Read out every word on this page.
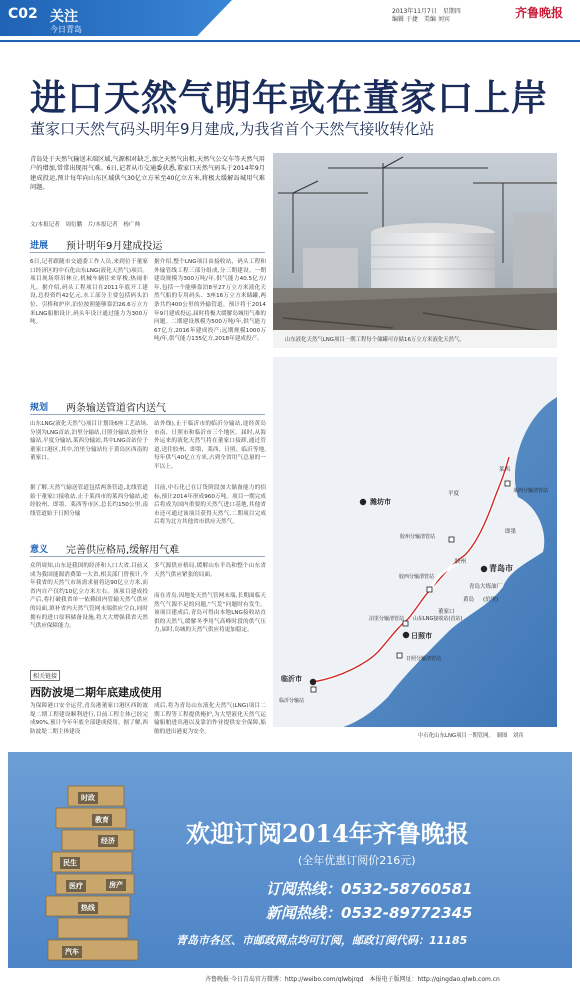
C02 关注
今日青岛
2013年11月7日　星期四
编辑 于捷　美编 刘宾	齐鲁晚报
进口天然气明年或在董家口上岸
董家口天然气码头明年9月建成,为我省首个天然气接收转化站
青岛处于天然气输送末端区域,气源相对缺乏,加之天然气出租,天然气公交车等天然气用户的增加,常常出现用气难。6日,记者从市交通委获悉,董家口天然气码头于2014年9月建成投运,预计每年向山东区域供气30亿立方米至40亿立方米,将极大缓解岛城用气难问题。
文/本报记者　周衍鹏　片/本报记者　杨广帅
进展 预计明年9月建成投运
6日,记者跟随市交通委工作人员,来到位于董家口经济区的中石化山东LNG(液化天然气)项目。项目现场塔吊林立,机械车辆往来穿梭,热闹非凡。据介绍,码头工程项目在2011年底开工建设,总投资约42亿元,水工部分主要包括码头泊位、引桥和护岸,泊位按照能够靠泊26.6万立方米LNG船舶设计,码头年设计通过能力为300万吨。
据介绍,整个LNG项目由接收站、码头工程和外输管线工程三部分组成,分三期建设。一期建设规模为300万吨/年,供气能力40.5亿方/年,包括一个能够靠泊8至27万立方米液化天然气船的专用码头、3座16万立方米储罐,两条共约400公里的外输管道。预计将于2014年9月建成投运,届时将极大缓解岛城用气难的问题。二期建设规模为500万吨/年,供气能力67亿方,2016年建成投产;远期规模1000万吨/年,供气能力135亿方,2018年建成投产。
规划 两条输送管道省内送气
山东LNG(液化天然气)项目计划设6座工艺站场,分别为LNG首站,泊里分输站,日照分输站,胶州分输站,平度分输站,莱西分输站,其中LNG首站位于董家口港区,其中,泊里分输站位于黄岛区西南的董家口。
站外线),止于临沂市的临沂分输站,途经黄岛市南、日照市和临沂市三个地区。届时,从海外运来的液化天然气将在董家口接卸,通过管道,送往胶州、即墨、莱西、日照、临沂等地,每年供气40亿立方米,占到全省用气总量的一半以上。
据了解,天然气输送管道包括两条管道,北线管道始于董家口接收站,止于莱西市的莱西分输站,途经胶州、即墨、莱西等市区,总长约150公里,南线管道始于日照分输
目前,中石化已在订货阶段加大储备能力的招标,预计2014年形成960万吨。项目一期完成后将成为国内重要的天然气进口基地,其他省市还可通过该项目获得天然气,二期项目完成后将为北方其他省市供应天然气。
意义 完善供应格局,缓解用气难
众所周知,山东是我国的经济和人口大省,目前又成为我国能源消费第一大省,相关部门曾预计,今年我省的天然气市场需求量将达90亿立方米,而省内自产仅约10亿立方米左右。该项目建成投产后,将打破我省单一依赖国内管输天然气供应的局面,填补省内天然气管网末端供应空白,同时拥有的进口原料储备设施,将大大增强我省天然气供应保障能力。
多气源供应格局,缓解山东半岛和整个山东省天然气供应紧张的局面。
而在青岛,因地处天然气管网末端,长期面临天然气气源不足的问题,“气荒”问题时有发生。该项目建成后,青岛可得由本地LNG接收站直供的天然气,缓解冬季用气高峰时段的供气压力,届时,岛城的天然气供应将更加稳定。
相关链接
西防波堤二期年底建成使用
为保障港口安全运营,青岛港董家口港区西防波堤二期工程建设顺利进行,目前工程主体已经完成90%,预计今年年底全部建成使用。据了解,西防波堤二期主体建设
成后,将为青岛山东液化天然气(LNG)项目二期工程等工程提供掩护,为大型液化天然气运输船舶进出港以及靠泊作业提供安全保障,船舶的进出港更为安全。
山东液化天然气LNG项目一期工程每个储罐可存储16万立方米液化天然气。
潍坊市
青岛市
日照市
临沂市
莱西
平度
即墨
胶州
黄岛 (泊里)
董家口
青岛大炼油厂
莱西分输清管站
胶州分输清管站
胶西分输清管站
泊里分输清管站 山东LNG接收站(首站)
日照分输清管站
临沂分输站
中石化山东LNG项目一期管网。　制图　刘宾
时政
经济
民生
房产
医疗
热线
汽车
教育	欢迎订阅2014年齐鲁晚报
(全年优惠订阅价216元)
订阅热线：0532-58760581
新闻热线：0532-89772345
青岛市各区、市邮政网点均可订阅，邮政订阅代码：11185
齐鲁晚报·今日青岛官方微博：http://weibo.com/qlwbjrqd　本报电子版网址：http://qingdao.qlwb.com.cn
